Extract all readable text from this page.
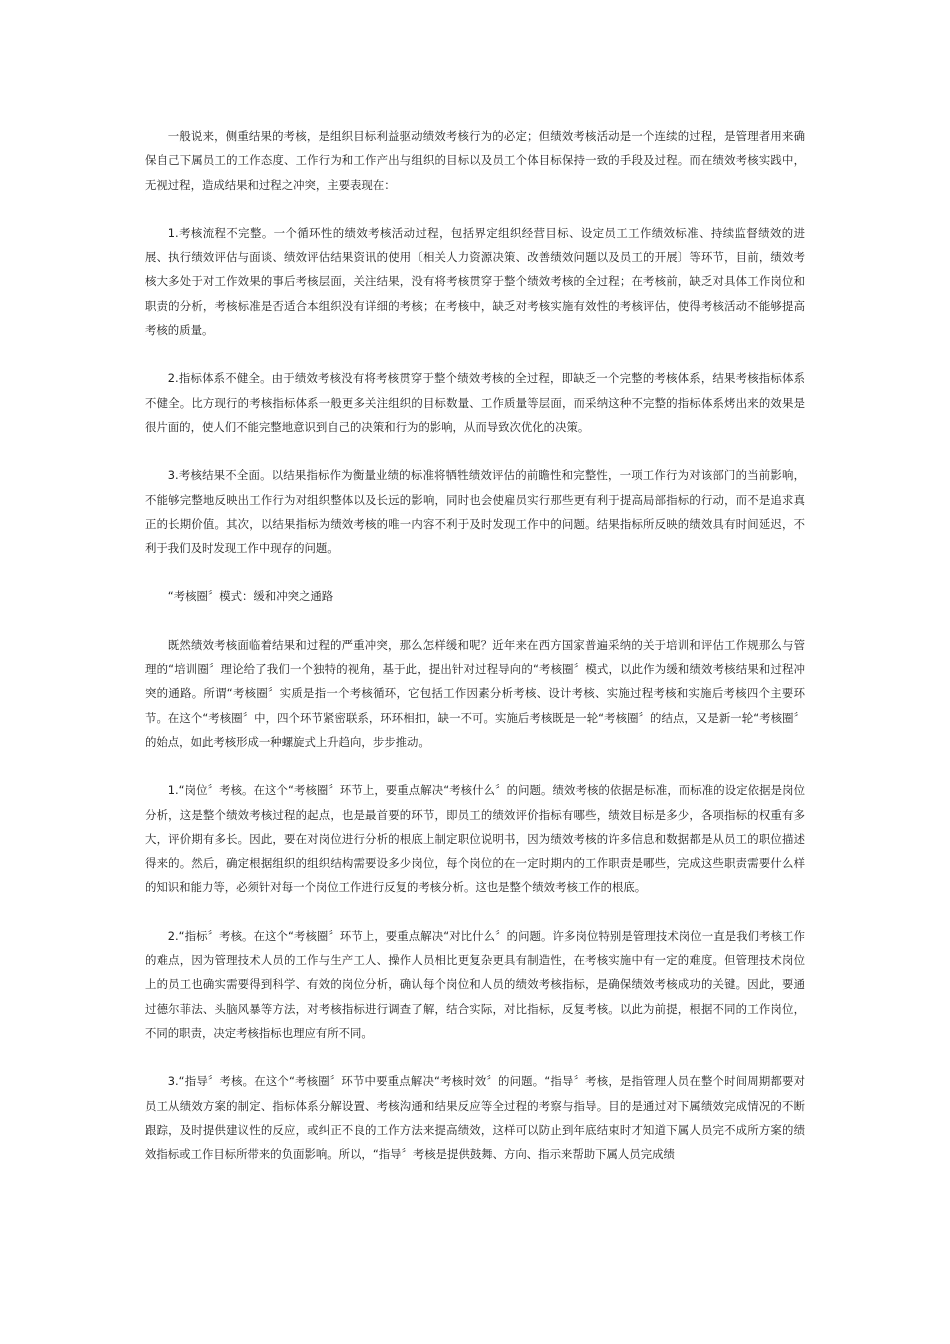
一般说来，侧重结果的考核，是组织目标利益驱动绩效考核行为的必定；但绩效考核活动是一个连续的过程，是管理者用来确保自己下属员工的工作态度、工作行为和工作产出与组织的目标以及员工个体目标保持一致的手段及过程。而在绩效考核实践中，无视过程，造成结果和过程之冲突，主要表现在：

1.考核流程不完整。一个循环性的绩效考核活动过程，包括界定组织经营目标、设定员工工作绩效标准、持续监督绩效的进展、执行绩效评估与面谈、绩效评估结果资讯的使用〔相关人力资源决策、改善绩效问题以及员工的开展〕等环节，目前，绩效考核大多处于对工作效果的事后考核层面，关注结果，没有将考核贯穿于整个绩效考核的全过程；在考核前，缺乏对具体工作岗位和职责的分析，考核标准是否适合本组织没有详细的考核；在考核中，缺乏对考核实施有效性的考核评估，使得考核活动不能够提高考核的质量。

2.指标体系不健全。由于绩效考核没有将考核贯穿于整个绩效考核的全过程，即缺乏一个完整的考核体系，结果考核指标体系不健全。比方现行的考核指标体系一般更多关注组织的目标数量、工作质量等层面，而采纳这种不完整的指标体系烤出来的效果是很片面的，使人们不能完整地意识到自己的决策和行为的影响，从而导致次优化的决策。

3.考核结果不全面。以结果指标作为衡量业绩的标准将牺牲绩效评估的前瞻性和完整性，一项工作行为对该部门的当前影响，不能够完整地反映出工作行为对组织整体以及长远的影响，同时也会使雇员实行那些更有利于提高局部指标的行动，而不是追求真正的长期价值。其次，以结果指标为绩效考核的唯一内容不利于及时发现工作中的问题。结果指标所反映的绩效具有时间延迟，不利于我们及时发现工作中现存的问题。

“考核圈〞模式：缓和冲突之通路

既然绩效考核面临着结果和过程的严重冲突，那么怎样缓和呢？近年来在西方国家普遍采纳的关于培训和评估工作规那么与管理的“培训圈〞理论给了我们一个独特的视角，基于此，提出针对过程导向的“考核圈〞模式，以此作为缓和绩效考核结果和过程冲突的通路。所谓“考核圈〞实质是指一个考核循环，它包括工作因素分析考核、设计考核、实施过程考核和实施后考核四个主要环节。在这个“考核圈〞中，四个环节紧密联系，环环相扣，缺一不可。实施后考核既是一轮“考核圈〞的结点，又是新一轮“考核圈〞的始点，如此考核形成一种螺旋式上升趋向，步步推动。

1.“岗位〞考核。在这个“考核圈〞环节上，要重点解决“考核什么〞的问题。绩效考核的依据是标准，而标准的设定依据是岗位分析，这是整个绩效考核过程的起点，也是最首要的环节，即员工的绩效评价指标有哪些，绩效目标是多少，各项指标的权重有多大，评价期有多长。因此，要在对岗位进行分析的根底上制定职位说明书，因为绩效考核的许多信息和数据都是从员工的职位描述得来的。然后，确定根据组织的组织结构需要设多少岗位，每个岗位的在一定时期内的工作职责是哪些，完成这些职责需要什么样的知识和能力等，必须针对每一个岗位工作进行反复的考核分析。这也是整个绩效考核工作的根底。

2.“指标〞考核。在这个“考核圈〞环节上，要重点解决“对比什么〞的问题。许多岗位特别是管理技术岗位一直是我们考核工作的难点，因为管理技术人员的工作与生产工人、操作人员相比更复杂更具有制造性，在考核实施中有一定的难度。但管理技术岗位上的员工也确实需要得到科学、有效的岗位分析，确认每个岗位和人员的绩效考核指标，是确保绩效考核成功的关键。因此，要通过德尔菲法、头脑风暴等方法，对考核指标进行调查了解，结合实际，对比指标，反复考核。以此为前提，根据不同的工作岗位，不同的职责，决定考核指标也理应有所不同。

3.“指导〞考核。在这个“考核圈〞环节中要重点解决“考核时效〞的问题。“指导〞考核，是指管理人员在整个时间周期都要对员工从绩效方案的制定、指标体系分解设置、考核沟通和结果反应等全过程的考察与指导。目的是通过对下属绩效完成情况的不断跟踪，及时提供建议性的反应，或纠正不良的工作方法来提高绩效，这样可以防止到年底结束时才知道下属人员完不成所方案的绩效指标或工作目标所带来的负面影响。所以，“指导〞考核是提供鼓舞、方向、指示来帮助下属人员完成绩
